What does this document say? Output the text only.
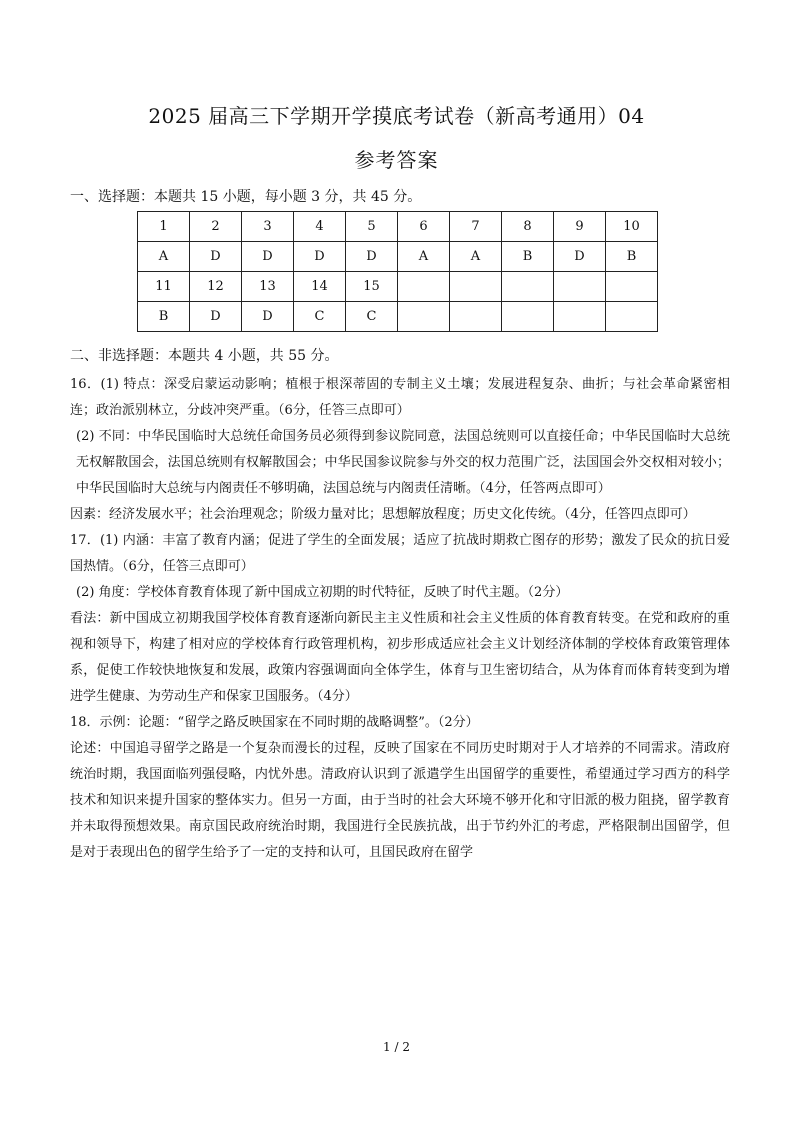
2025 届高三下学期开学摸底考试卷（新高考通用）04
参考答案
一、选择题：本题共 15 小题，每小题 3 分，共 45 分。
1	2	3	4	5	6	7	8	9	10
A	D	D	D	D	A	A	B	D	B
11	12	13	14	15					
B	D	D	C	C					
二、非选择题：本题共 4 小题，共 55 分。

16．(1) 特点：深受启蒙运动影响；植根于根深蒂固的专制主义土壤；发展进程复杂、曲折；与社会革命紧密相连；政治派别林立，分歧冲突严重。（6分，任答三点即可）

(2) 不同：中华民国临时大总统任命国务员必须得到参议院同意，法国总统则可以直接任命；中华民国临时大总统无权解散国会，法国总统则有权解散国会；中华民国参议院参与外交的权力范围广泛，法国国会外交权相对较小；中华民国临时大总统与内阁责任不够明确，法国总统与内阁责任清晰。（4分，任答两点即可）

因素：经济发展水平；社会治理观念；阶级力量对比；思想解放程度；历史文化传统。（4分，任答四点即可）

17．(1) 内涵：丰富了教育内涵；促进了学生的全面发展；适应了抗战时期救亡图存的形势；激发了民众的抗日爱国热情。（6分，任答三点即可）

(2) 角度：学校体育教育体现了新中国成立初期的时代特征，反映了时代主题。（2分）

看法：新中国成立初期我国学校体育教育逐渐向新民主主义性质和社会主义性质的体育教育转变。在党和政府的重视和领导下，构建了相对应的学校体育行政管理机构，初步形成适应社会主义计划经济体制的学校体育政策管理体系，促使工作较快地恢复和发展，政策内容强调面向全体学生，体育与卫生密切结合，从为体育而体育转变到为增进学生健康、为劳动生产和保家卫国服务。（4分）

18．示例：论题：“留学之路反映国家在不同时期的战略调整”。（2分）

论述：中国追寻留学之路是一个复杂而漫长的过程，反映了国家在不同历史时期对于人才培养的不同需求。清政府统治时期，我国面临列强侵略，内忧外患。清政府认识到了派遣学生出国留学的重要性，希望通过学习西方的科学技术和知识来提升国家的整体实力。但另一方面，由于当时的社会大环境不够开化和守旧派的极力阻挠，留学教育并未取得预想效果。南京国民政府统治时期，我国进行全民族抗战，出于节约外汇的考虑，严格限制出国留学，但是对于表现出色的留学生给予了一定的支持和认可，且国民政府在留学

1 / 2
